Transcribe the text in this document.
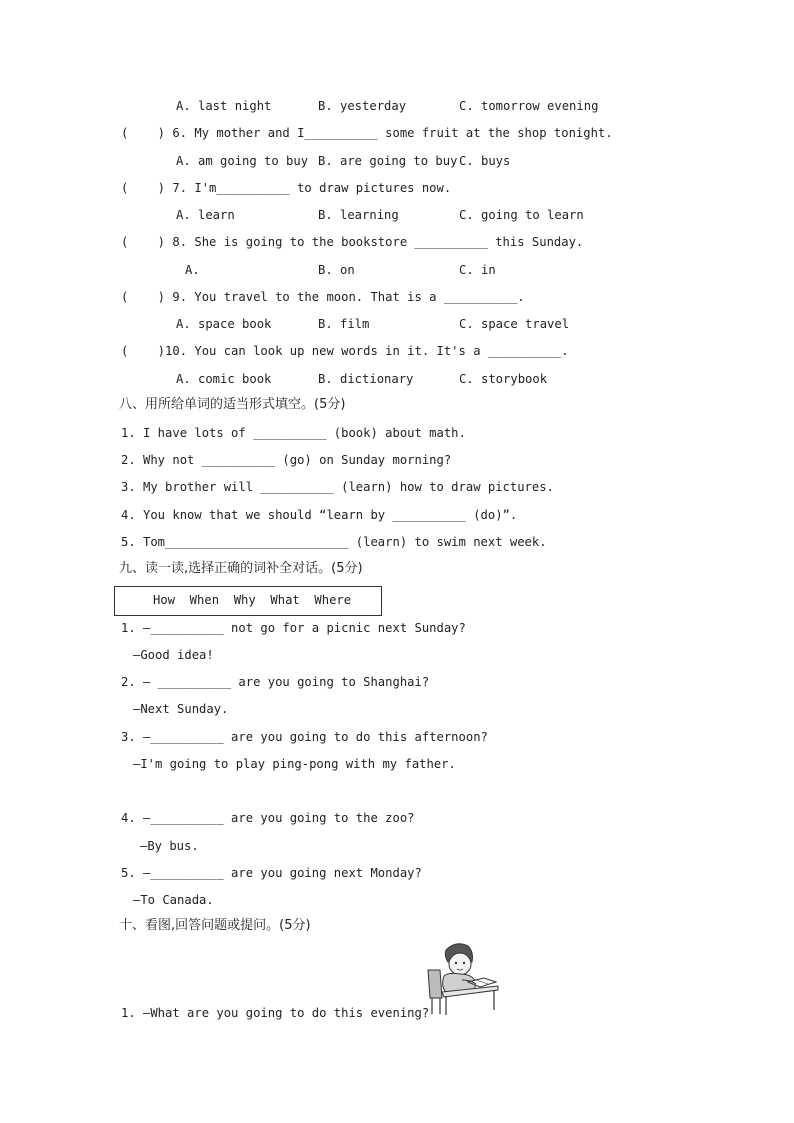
A. last night	B. yesterday	C. tomorrow evening
(    ) 6. My mother and I__________ some fruit at the shop tonight.
A. am going to buy B. are going to buy C. buys
(    ) 7. I'm__________ to draw pictures now.
A. learn	B. learning	C. going to learn
(    ) 8. She is going to the bookstore __________ this Sunday.
A.	B. on	C. in
(    ) 9. You travel to the moon. That is a __________.
A. space book	B. film	C. space travel
(    )10. You can look up new words in it. It's a __________.
A. comic book	B. dictionary	C. storybook
八、用所给单词的适当形式填空。(5分)
1. I have lots of __________ (book) about math.
2. Why not __________ (go) on Sunday morning?
3. My brother will __________ (learn) how to draw pictures.
4. You know that we should “learn by __________ (do)”.
5. Tom_________________________ (learn) to swim next week.
九、读一读,选择正确的词补全对话。(5分)
How  When  Why  What  Where
1. —__________ not go for a picnic next Sunday?
—Good idea!
2. — __________ are you going to Shanghai?
—Next Sunday.
3. —__________ are you going to do this afternoon?
—I'm going to play ping-pong with my father.
4. —__________ are you going to the zoo?
—By bus.
5. —__________ are you going next Monday?
—To Canada.
十、看图,回答问题或提问。(5分)
1. —What are you going to do this evening?
